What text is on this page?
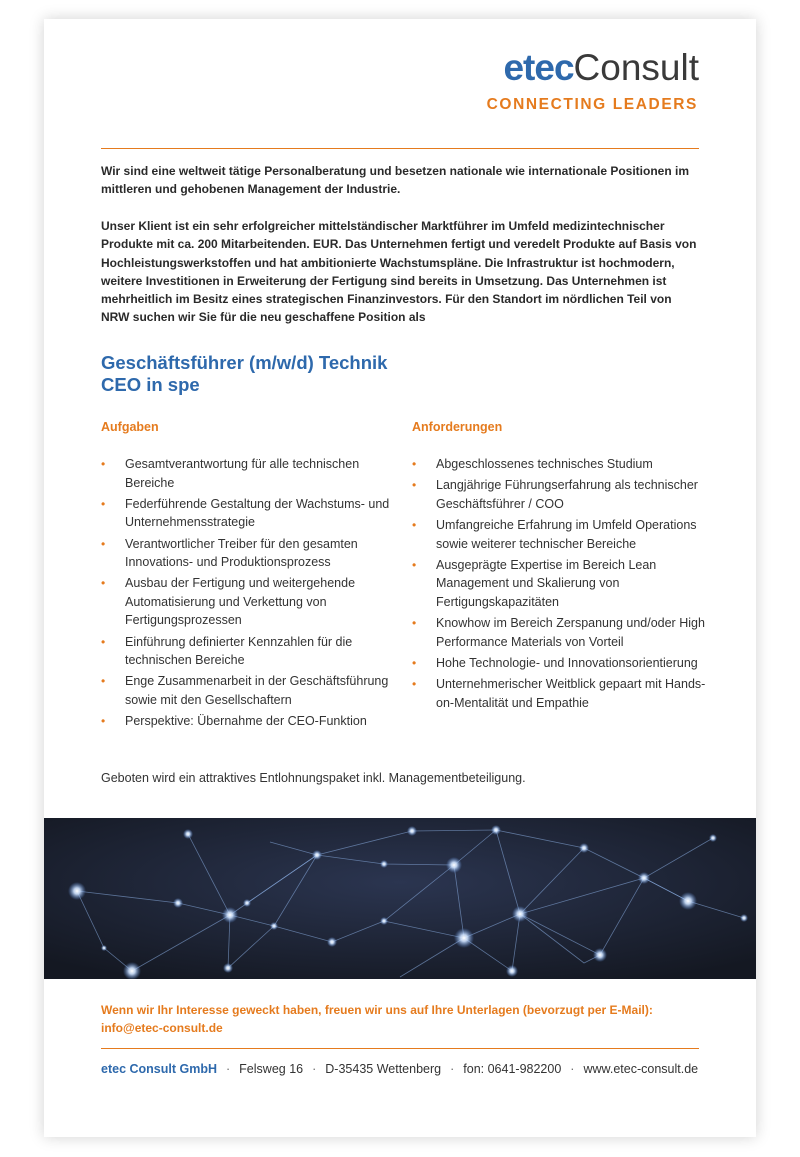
etecConsult
CONNECTING LEADERS
Wir sind eine weltweit tätige Personalberatung und besetzen nationale wie internationale Positionen im mittleren und gehobenen Management der Industrie.
Unser Klient ist ein sehr erfolgreicher mittelständischer Marktführer im Umfeld medizintechnischer Produkte mit ca. 200 Mitarbeitenden. EUR. Das Unternehmen fertigt und veredelt Produkte auf Basis von Hochleistungswerkstoffen und hat ambitionierte Wachstumspläne. Die Infrastruktur ist hochmodern, weitere Investitionen in Erweiterung der Fertigung sind bereits in Umsetzung. Das Unternehmen ist mehrheitlich im Besitz eines strategischen Finanzinvestors. Für den Standort im nördlichen Teil von NRW suchen wir Sie für die neu geschaffene Position als
Geschäftsführer (m/w/d) Technik
CEO in spe
Aufgaben	Anforderungen
• Gesamtverantwortung für alle technischen Bereiche
• Federführende Gestaltung der Wachstums- und Unternehmensstrategie
• Verantwortlicher Treiber für den gesamten Innovations- und Produktionsprozess
• Ausbau der Fertigung und weitergehende Automatisierung und Verkettung von Fertigungsprozessen
• Einführung definierter Kennzahlen für die technischen Bereiche
• Enge Zusammenarbeit in der Geschäftsführung sowie mit den Gesellschaftern
• Perspektive: Übernahme der CEO-Funktion
• Abgeschlossenes technisches Studium
• Langjährige Führungserfahrung als technischer Geschäftsführer / COO
• Umfangreiche Erfahrung im Umfeld Operations sowie weiterer technischer Bereiche
• Ausgeprägte Expertise im Bereich Lean Management und Skalierung von Fertigungskapazitäten
• Knowhow im Bereich Zerspanung und/oder High Performance Materials von Vorteil
• Hohe Technologie- und Innovationsorientierung
• Unternehmerischer Weitblick gepaart mit Hands-on-Mentalität und Empathie
Geboten wird ein attraktives Entlohnungspaket inkl. Managementbeteiligung.
Wenn wir Ihr Interesse geweckt haben, freuen wir uns auf Ihre Unterlagen (bevorzugt per E-Mail):
info@etec-consult.de
etec Consult GmbH · Felsweg 16 · D-35435 Wettenberg · fon: 0641-982200 · www.etec-consult.de
